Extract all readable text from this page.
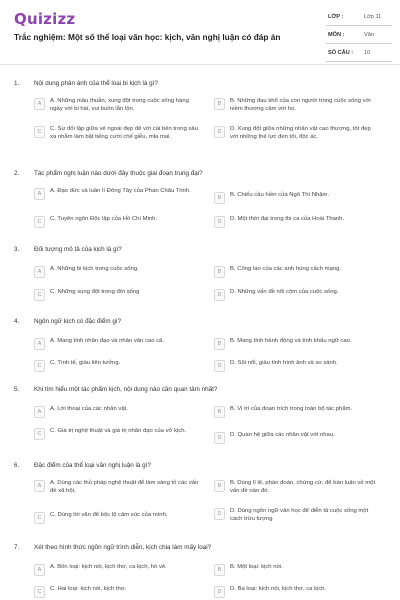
Quizizz
Trắc nghiệm: Một số thể loại văn học: kịch, văn nghị luận có đáp án
LỚP :	Lớp 11
MÔN :	Văn
SỐ CÂU : 10
1. Nội dung phản ánh của thể loại bi kịch là gì?
A	A. Những mâu thuẫn, xung đột trong cuộc sống hàng ngày với bi hài, vui buồn lẫn lộn.
B	B. Những đau khổ của con người trong cuộc sống với niềm thương cảm với họ.
C	C. Sự đối lập giữa vẻ ngoài đẹp đẽ với cái bên trong sâu xa nhằm làm bật tiếng cười chế giễu, mỉa mai.
D	D. Xung đột giữa những nhân vật cao thượng, tốt đẹp với những thế lực đen tối, độc ác.
2. Tác phẩm nghị luận nào dưới đây thuộc giai đoạn trung đại?
A	A. Đạo đức và luân lí Đông Tây của Phan Châu Trinh.
B	B. Chiếu cầu hiền của Ngô Thì Nhậm.
C	C. Tuyên ngôn Độc lập của Hồ Chí Minh.	D	D. Một thời đại trong thi ca của Hoài Thanh.
3. Đối tượng mô tả của kịch là gì?
A	A. Những bi kịch trong cuộc sống.	B	B. Công lao của các anh hùng cách mạng.
C	C. Những xung đột trong đời sống	D	D. Những vấn đề nổi cộm của cuộc sống.
4. Ngôn ngữ kịch có đặc điểm gì?
A	A. Mang tính nhân đạo và nhân văn cao cả.	B	B. Mang tính hành động và tính khẩu ngữ cao.
C	C. Tính tế, giàu liên tưởng.	D	D. Sôi nổi, giàu tính hình ảnh và so sánh.
5. Khi tìm hiểu một tác phẩm kịch, nội dung nào cần quan tâm nhất?
A	A. Lời thoại của các nhân vật.	B	B. Vị trí của đoạn trích trong toàn bộ tác phẩm.
C	C. Giá trị nghệ thuật và giá trị nhân đạo của vở kịch.
D	D. Quan hệ giữa các nhân vật với nhau.
6. Đặc điểm của thể loại văn nghị luận là gì?
A	A. Dùng các thủ pháp nghệ thuật để làm sáng tỏ các vấn đề xã hội.
B	B. Dùng lí lẽ, phán đoán, chứng cứ, để bàn luận về một vấn đề nào đó.
C	C. Dùng lời văn để bộc lộ cảm xúc của mình.	D	D. Dùng ngôn ngữ văn học để diễn tả cuộc sống một cách trừu tượng
7. Xét theo hình thức ngôn ngữ trình diễn, kịch chia làm mấy loại?
A	A. Bốn loại: kịch nói, kịch thơ, ca kịch, hò vè.	B	B. Một loại: kịch nói.
C	C. Hai loại: kịch nói, kịch thơ.	D	D. Ba loại: kịch nói, kịch thơ, ca kịch.
